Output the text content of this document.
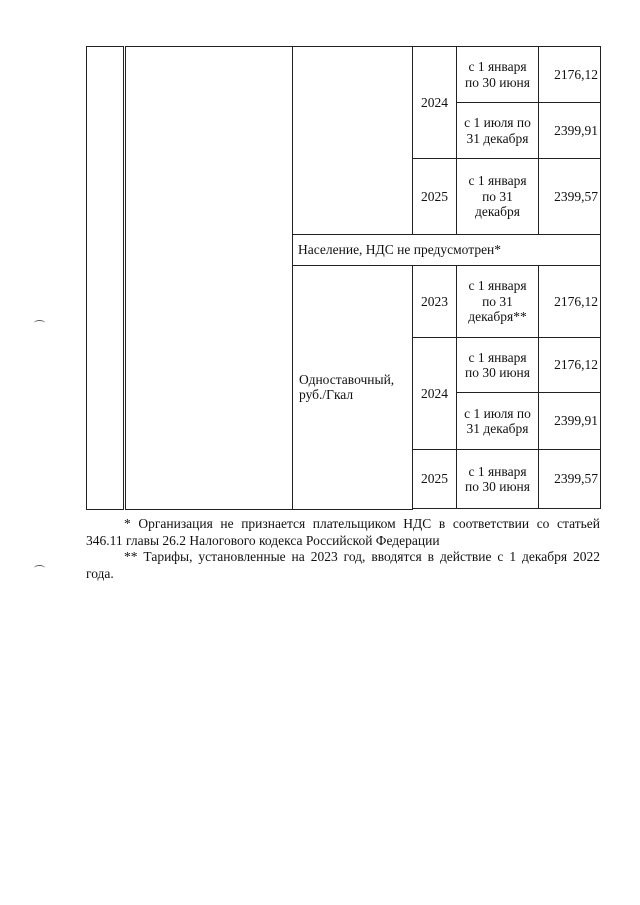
			2024	с 1 января по 30 июня	2176,12
				с 1 июля по 31 декабря	2399,91
			2025	с 1 января по 31 декабря	2399,57
		Население, НДС не предусмотрен*			
		Одноставочный, руб./Гкал	2023	с 1 января по 31 декабря**	2176,12
			2024	с 1 января по 30 июня	2176,12
				с 1 июля по 31 декабря	2399,91
			2025	с 1 января по 30 июня	2399,57

* Организация не признается плательщиком НДС в соответствии со статьей 346.11 главы 26.2 Налогового кодекса Российской Федерации

** Тарифы, установленные на 2023 год, вводятся в действие с 1 декабря 2022 года.
